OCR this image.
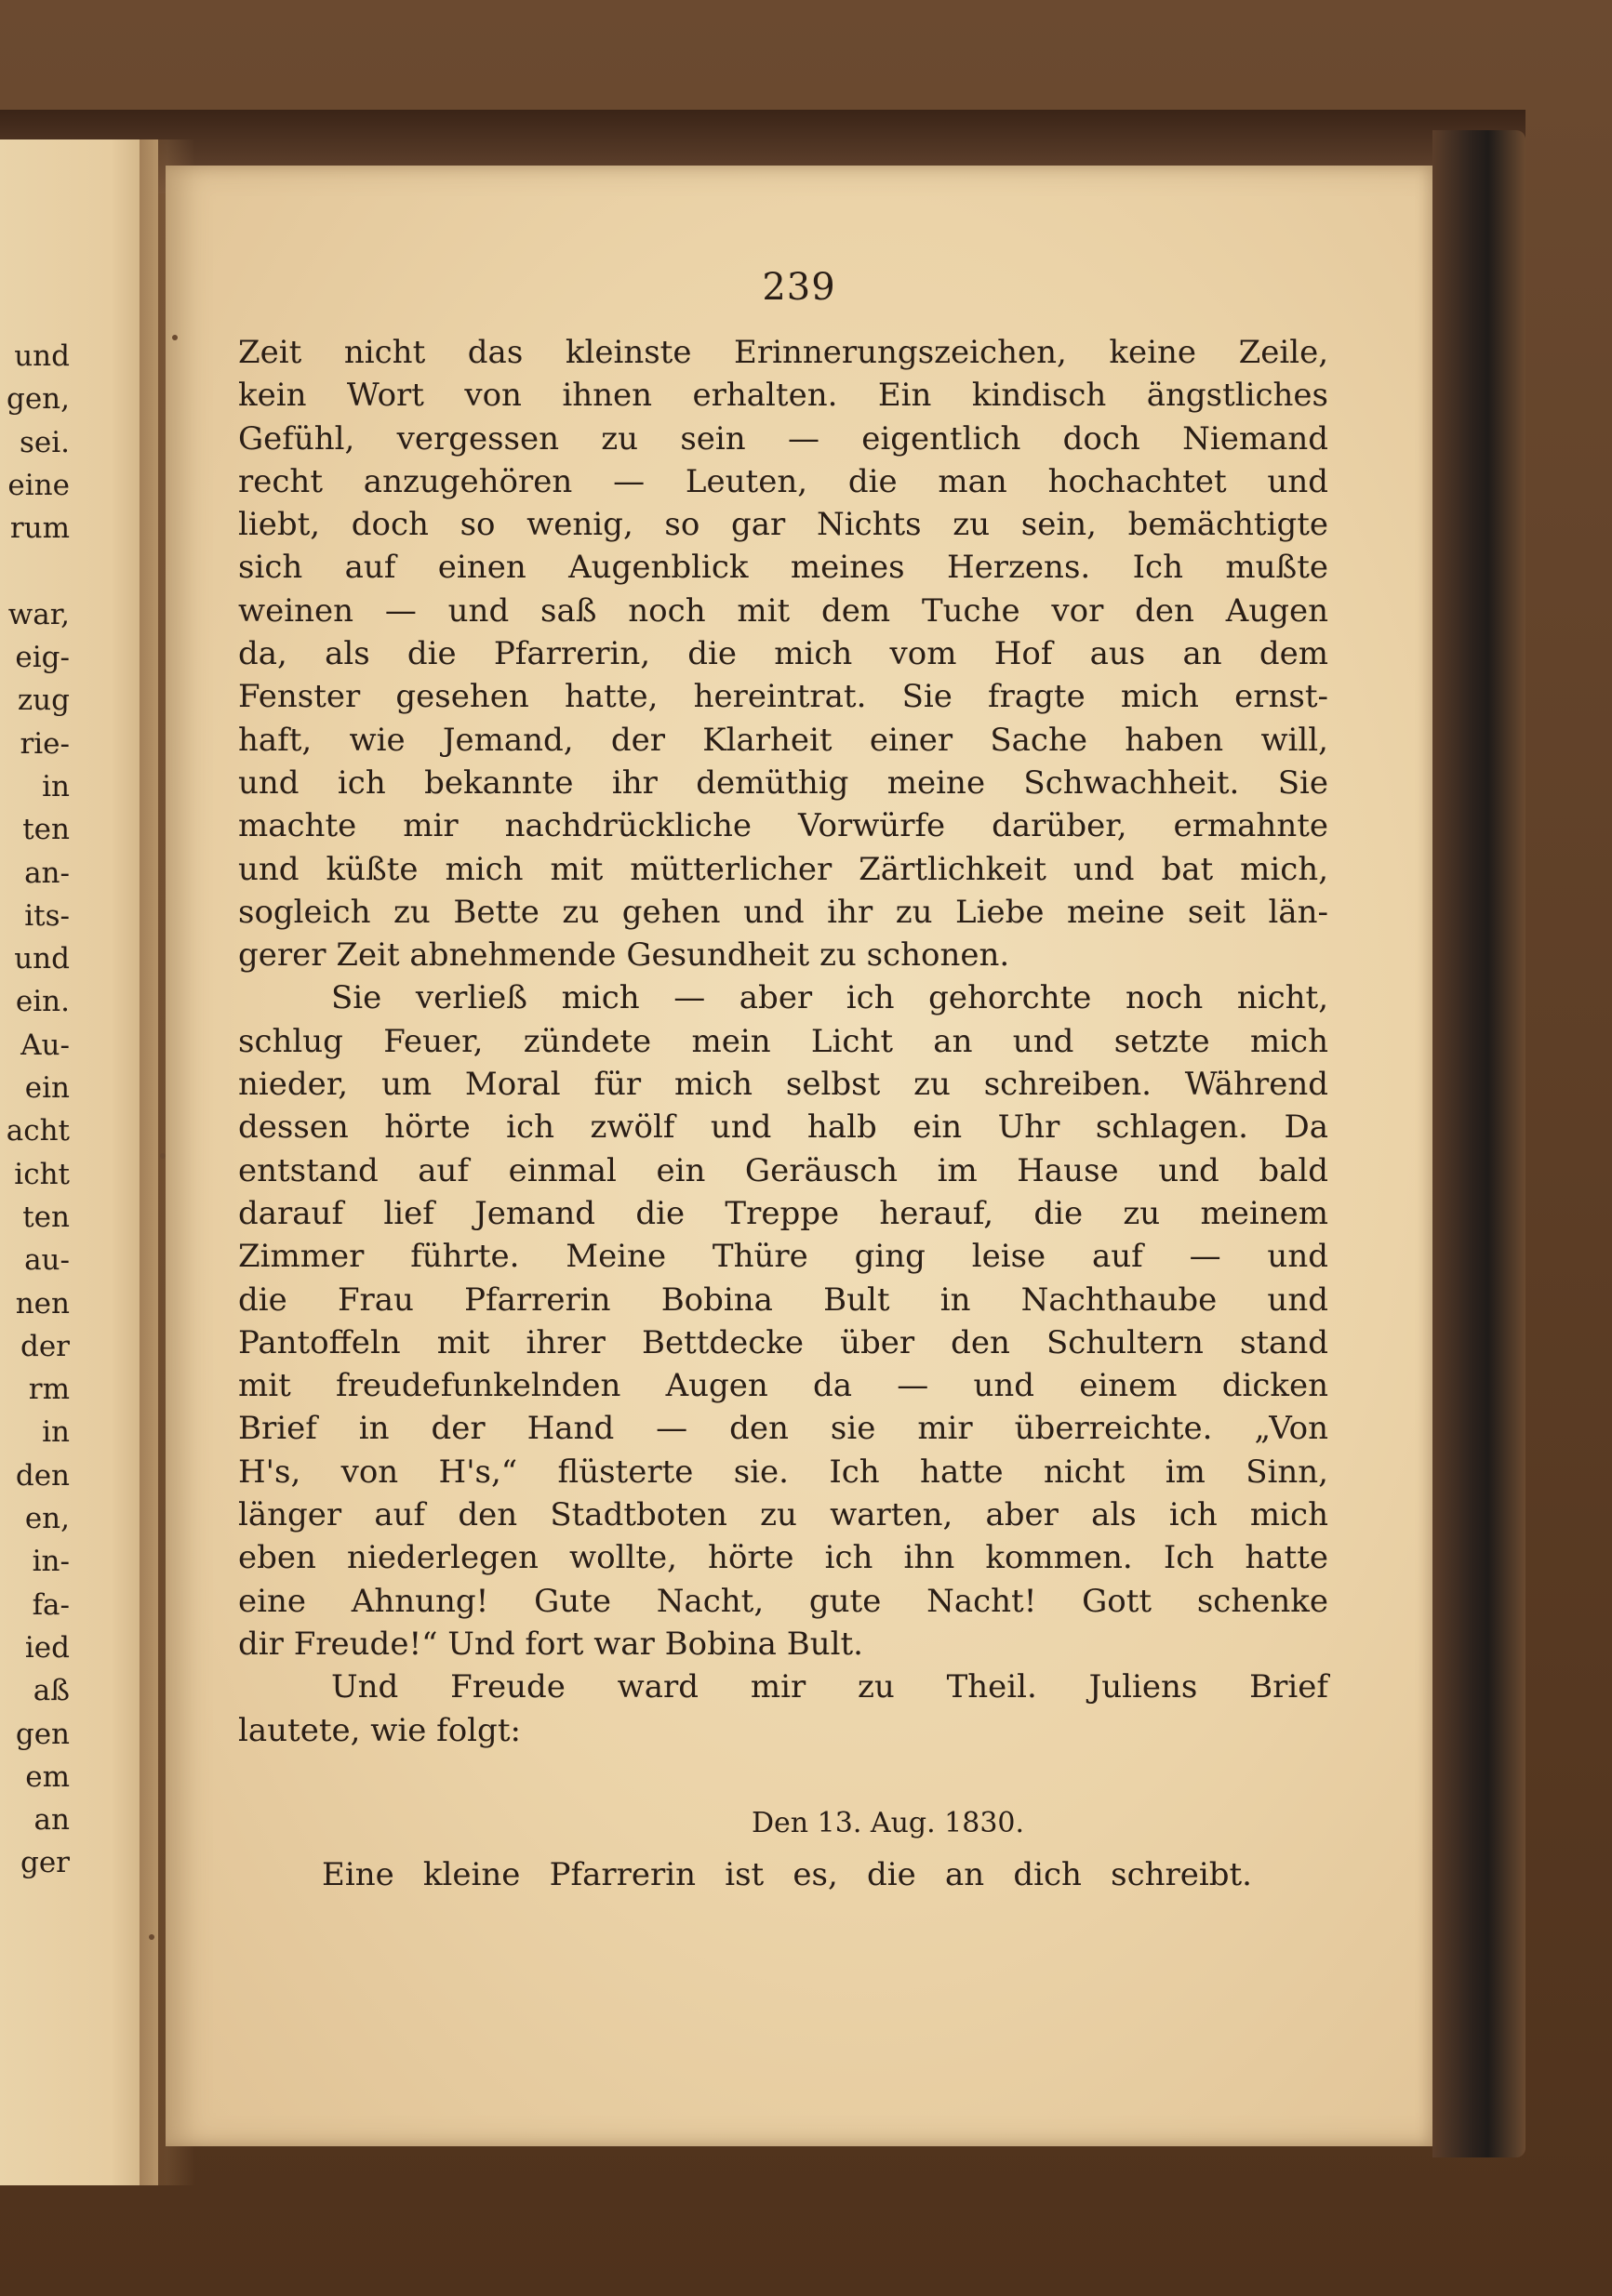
und
gen,
sei.
eine
rum
war,
eig-
zug
rie-
in
ten
an-
its-
und
ein.
Au-
ein
acht
icht
ten
au-
nen
der
rm
in
den
en,
in-
fa-
ied
aß
gen
em
an
ger
239
Zeit nicht das kleinste Erinnerungszeichen, keine Zeile,
kein Wort von ihnen erhalten. Ein kindisch ängstliches
Gefühl, vergessen zu sein — eigentlich doch Niemand
recht anzugehören — Leuten, die man hochachtet und
liebt, doch so wenig, so gar Nichts zu sein, bemächtigte
sich auf einen Augenblick meines Herzens. Ich mußte
weinen — und saß noch mit dem Tuche vor den Augen
da, als die Pfarrerin, die mich vom Hof aus an dem
Fenster gesehen hatte, hereintrat. Sie fragte mich ernst-
haft, wie Jemand, der Klarheit einer Sache haben will,
und ich bekannte ihr demüthig meine Schwachheit. Sie
machte mir nachdrückliche Vorwürfe darüber, ermahnte
und küßte mich mit mütterlicher Zärtlichkeit und bat mich,
sogleich zu Bette zu gehen und ihr zu Liebe meine seit län-
gerer Zeit abnehmende Gesundheit zu schonen.
Sie verließ mich — aber ich gehorchte noch nicht,
schlug Feuer, zündete mein Licht an und setzte mich
nieder, um Moral für mich selbst zu schreiben. Während
dessen hörte ich zwölf und halb ein Uhr schlagen. Da
entstand auf einmal ein Geräusch im Hause und bald
darauf lief Jemand die Treppe herauf, die zu meinem
Zimmer führte. Meine Thüre ging leise auf — und
die Frau Pfarrerin Bobina Bult in Nachthaube und
Pantoffeln mit ihrer Bettdecke über den Schultern stand
mit freudefunkelnden Augen da — und einem dicken
Brief in der Hand — den sie mir überreichte. „Von
H's, von H's,“ flüsterte sie. Ich hatte nicht im Sinn,
länger auf den Stadtboten zu warten, aber als ich mich
eben niederlegen wollte, hörte ich ihn kommen. Ich hatte
eine Ahnung! Gute Nacht, gute Nacht! Gott schenke
dir Freude!“ Und fort war Bobina Bult.
Und Freude ward mir zu Theil. Juliens Brief
lautete, wie folgt:
Den 13. Aug. 1830.
Eine kleine Pfarrerin ist es, die an dich schreibt.
